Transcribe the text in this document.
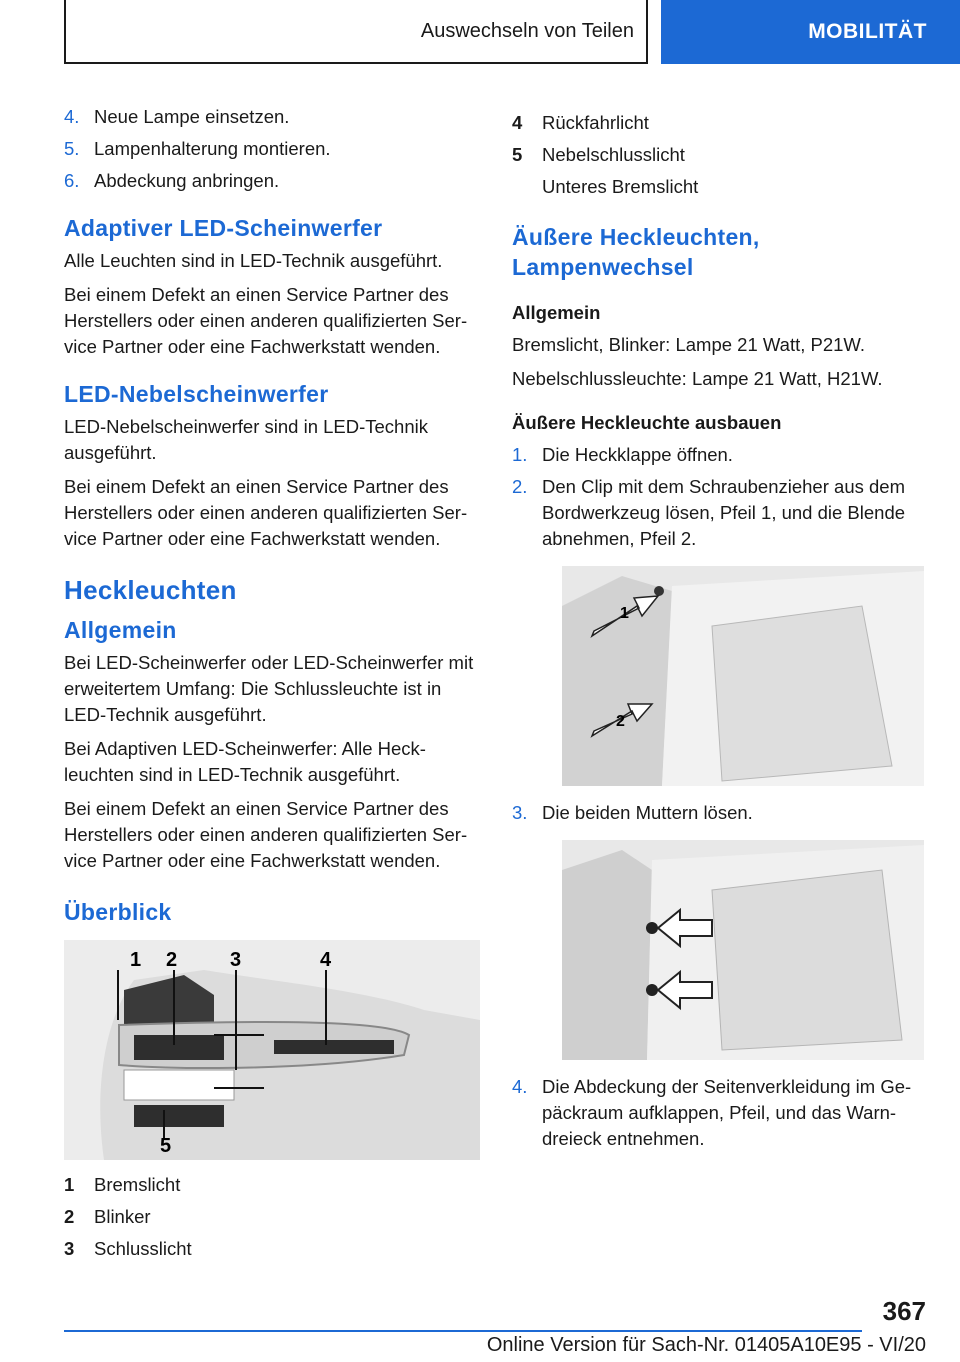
Auswechseln von Teilen	MOBILITÄT
4. Neue Lampe einsetzen.
5. Lampenhalterung montieren.
6. Abdeckung anbringen.
Adaptiver LED-Scheinwerfer

Alle Leuchten sind in LED-Technik ausgeführt.

Bei einem Defekt an einen Service Partner des Herstellers oder einen anderen qualifizierten Ser‐vice Partner oder eine Fachwerkstatt wenden.

LED-Nebelscheinwerfer

LED-Nebelscheinwerfer sind in LED-Technik ausgeführt.

Bei einem Defekt an einen Service Partner des Herstellers oder einen anderen qualifizierten Ser‐vice Partner oder eine Fachwerkstatt wenden.

Heckleuchten
Allgemein

Bei LED-Scheinwerfer oder LED-Scheinwerfer mit erweitertem Umfang: Die Schlussleuchte ist in LED-Technik ausgeführt.

Bei Adaptiven LED-Scheinwerfer: Alle Heck‐leuchten sind in LED-Technik ausgeführt.

Bei einem Defekt an einen Service Partner des Herstellers oder einen anderen qualifizierten Ser‐vice Partner oder eine Fachwerkstatt wenden.

Überblick
1 2	3	4
5
1	Bremslicht
2	Blinker
3	Schlusslicht
4	Rückfahrlicht
5	Nebelschlusslicht
Unteres Bremslicht
Äußere Heckleuchten, Lampenwechsel
Allgemein

Bremslicht, Blinker: Lampe 21 Watt, P21W.

Nebelschlussleuchte: Lampe 21 Watt, H21W.

Äußere Heckleuchte ausbauen
1. Die Heckklappe öffnen.
2. Den Clip mit dem Schraubenzieher aus dem Bordwerkzeug lösen, Pfeil 1, und die Blende abnehmen, Pfeil 2.
1
2
3. Die beiden Muttern lösen.
4. Die Abdeckung der Seitenverkleidung im Ge‐päckraum aufklappen, Pfeil, und das Warn‐dreieck entnehmen.
367
Online Version für Sach-Nr. 01405A10E95 - VI/20
